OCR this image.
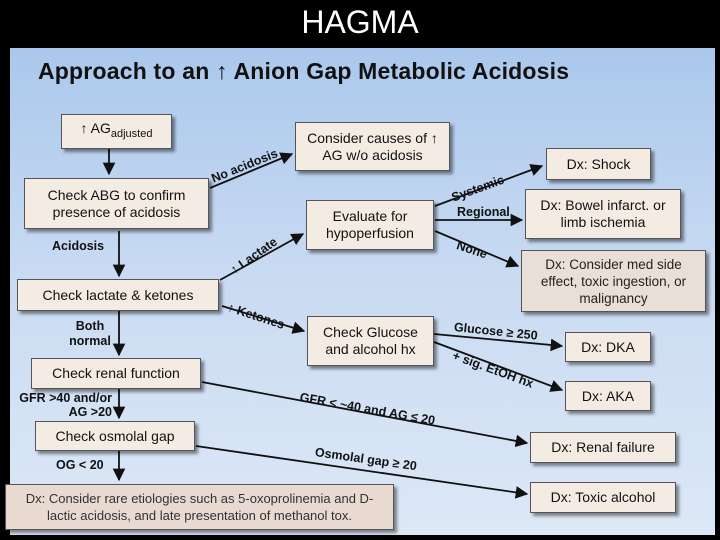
HAGMA
Approach to an ↑ Anion Gap Metabolic Acidosis
↑ $AG_{adjusted}$
Check ABG to confirm presence of acidosis
Check lactate & ketones
Check renal function
Check osmolal gap
Dx: Consider rare etiologies such as 5-oxoprolinemia and D-lactic acidosis, and late presentation of methanol tox.
Consider causes of ↑ AG w/o acidosis
Evaluate for hypoperfusion
Check Glucose and alcohol hx
Dx: Shock
Dx: Bowel infarct. or limb ischemia
Dx: Consider med side effect, toxic ingestion, or malignancy
Dx: DKA
Dx: AKA
Dx: Renal failure
Dx: Toxic alcohol
Acidosis
Both normal
GFR >40 and/or AG >20
OG < 20
No acidosis
↑ Lactate
↑ Ketones
Systemic
Regional
None
Glucose ≥ 250
+ sig. EtOH hx
GFR < ~40 and AG ≤ 20
Osmolal gap ≥ 20
